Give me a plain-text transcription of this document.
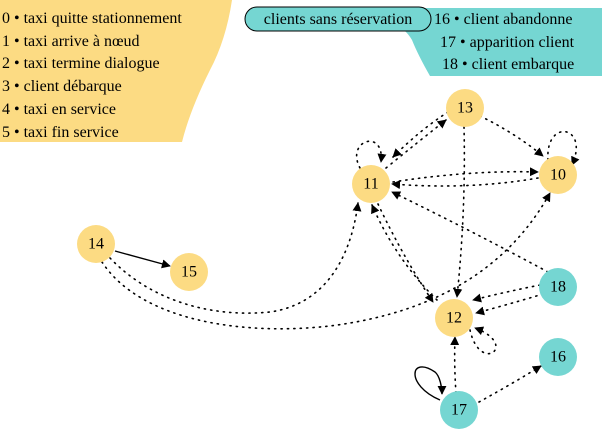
0 • taxi quitte stationnement
1 • taxi arrive à nœud
2 • taxi termine dialogue
3 • client débarque
4 • taxi en service
5 • taxi fin service
clients sans réservation 16 • client abandonne
17 • apparition client
18 • client embarque
10
11
12
13
14
15
16
17
18
